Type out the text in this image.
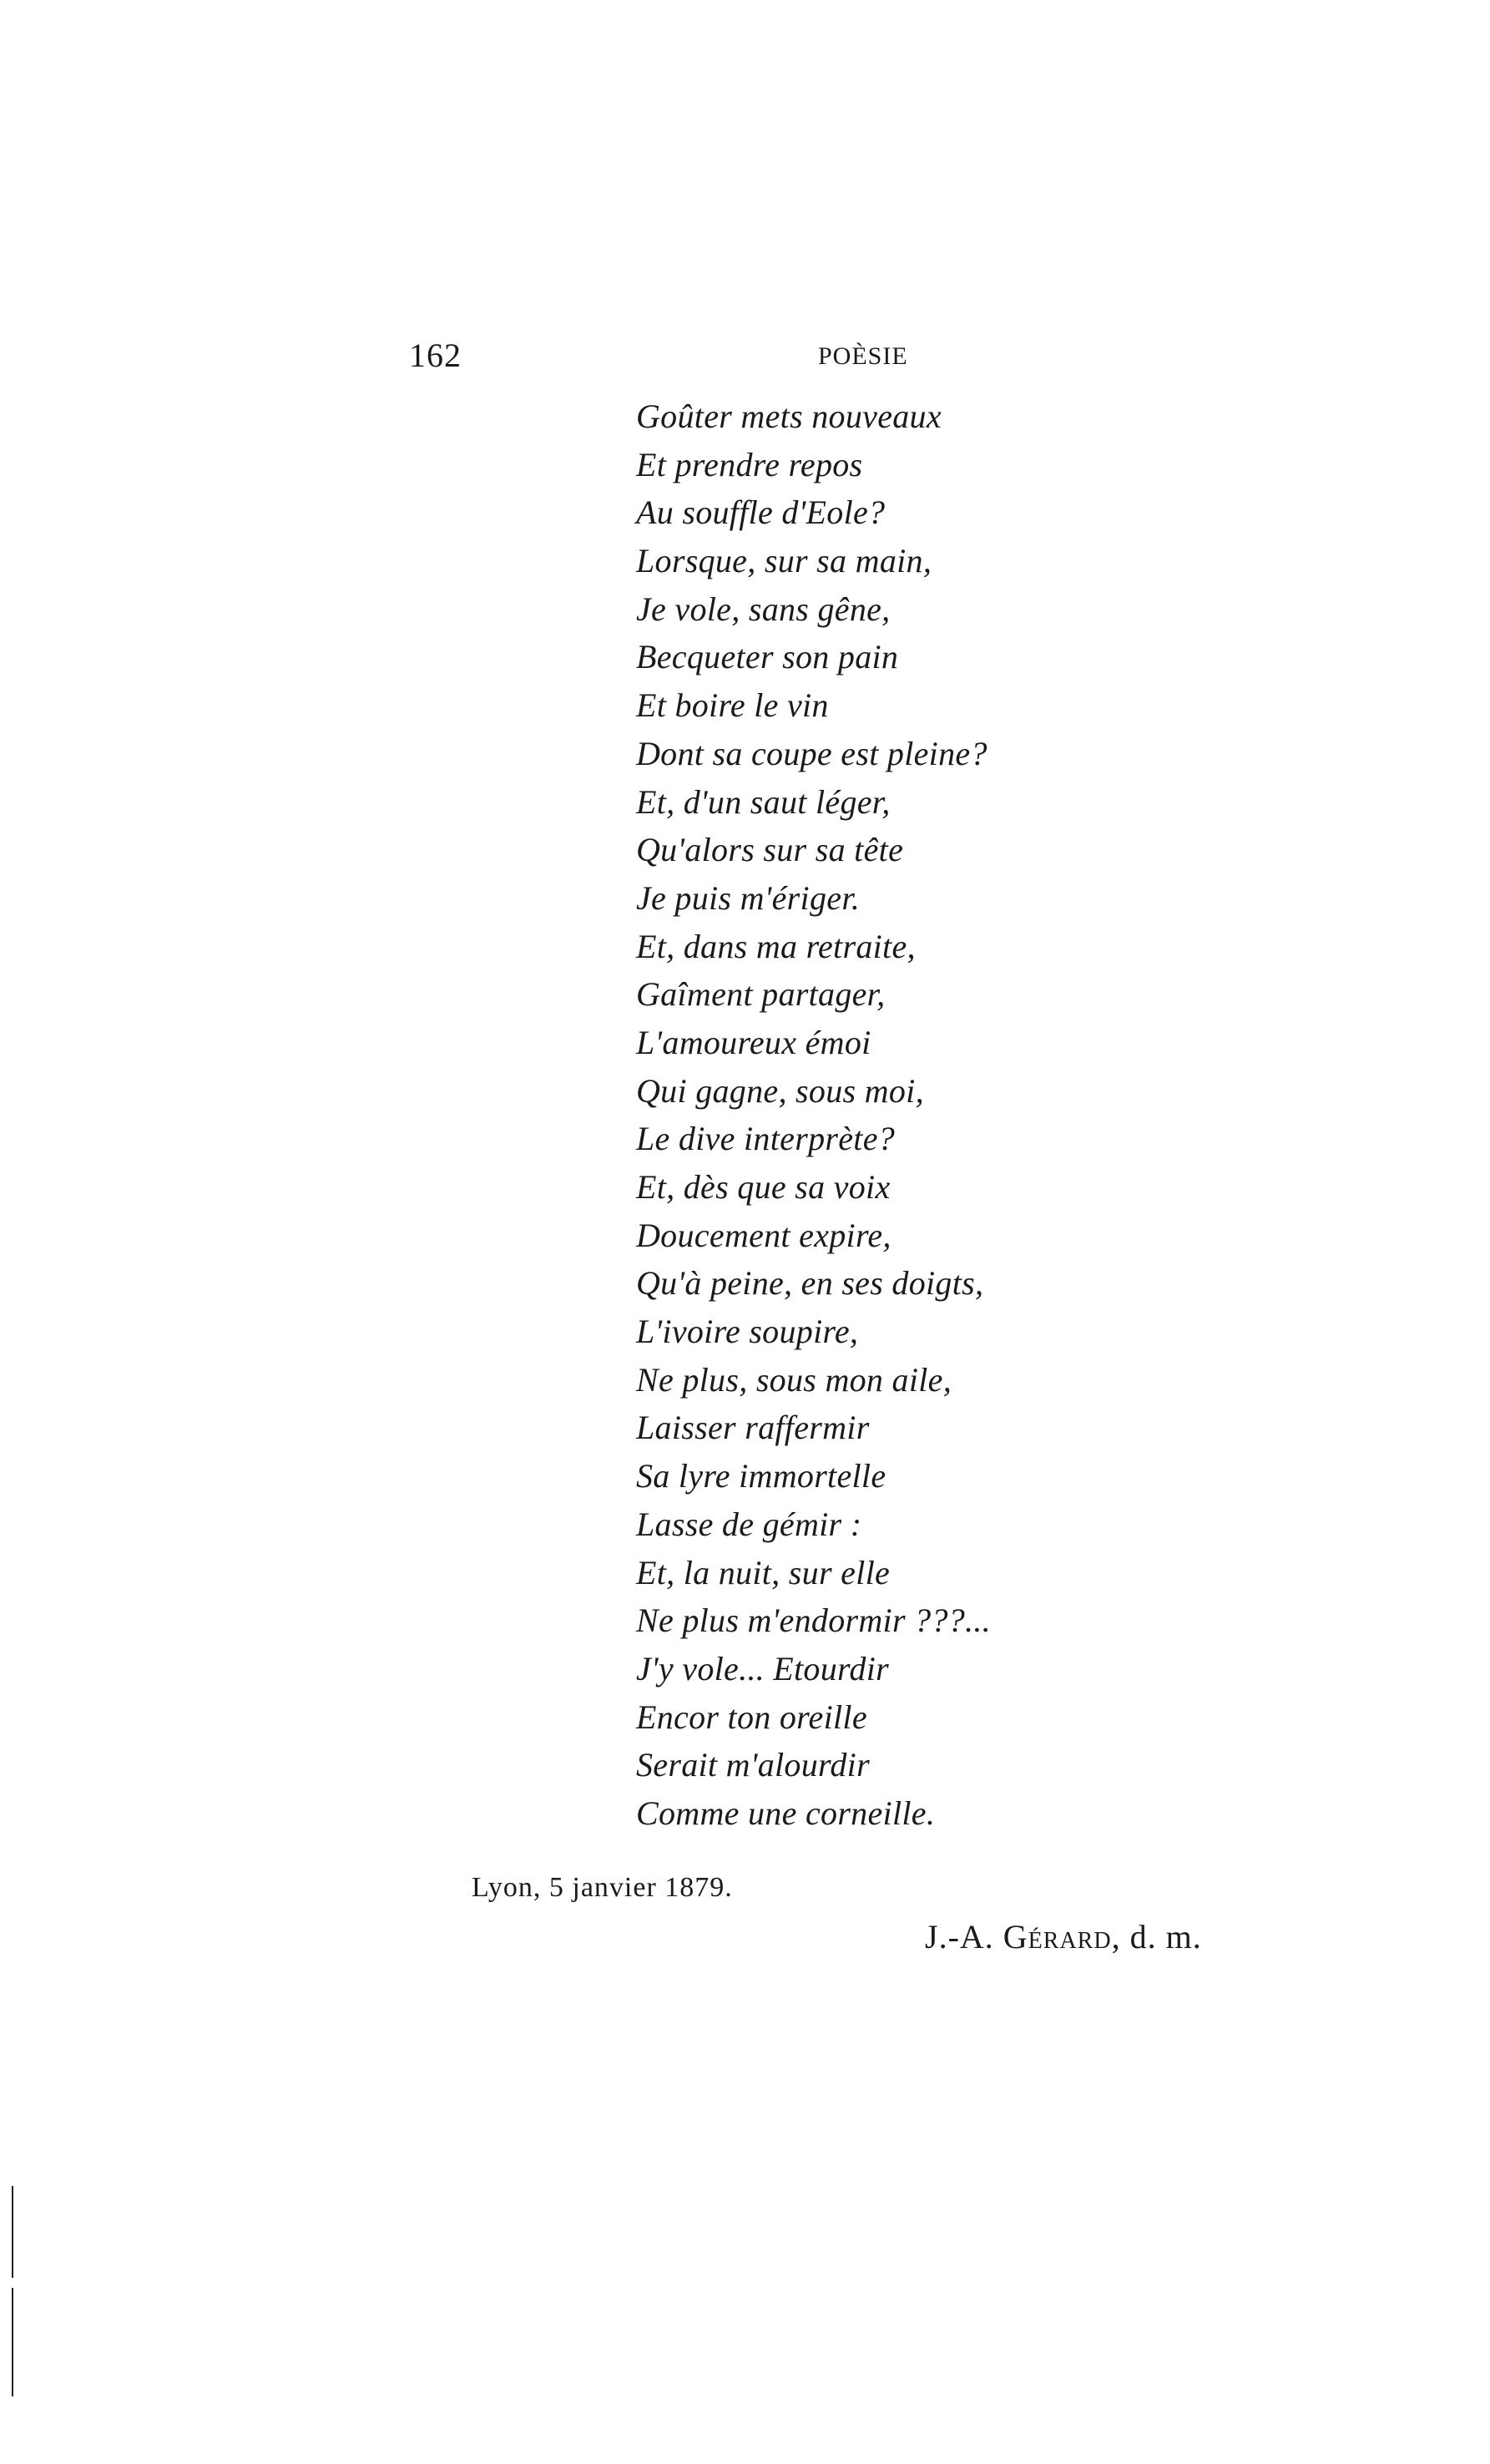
162	POÈSIE
Goûter mets nouveaux
Et prendre repos
Au souffle d'Eole?
Lorsque, sur sa main,
Je vole, sans gêne,
Becqueter son pain
Et boire le vin
Dont sa coupe est pleine?
Et, d'un saut léger,
Qu'alors sur sa tête
Je puis m'ériger.
Et, dans ma retraite,
Gaîment partager,
L'amoureux émoi
Qui gagne, sous moi,
Le dive interprète?
Et, dès que sa voix
Doucement expire,
Qu'à peine, en ses doigts,
L'ivoire soupire,
Ne plus, sous mon aile,
Laisser raffermir
Sa lyre immortelle
Lasse de gémir :
Et, la nuit, sur elle
Ne plus m'endormir ???...
J'y vole... Etourdir
Encor ton oreille
Serait m'alourdir
Comme une corneille.
Lyon, 5 janvier 1879.
J.-A. Gérard, d. m.
